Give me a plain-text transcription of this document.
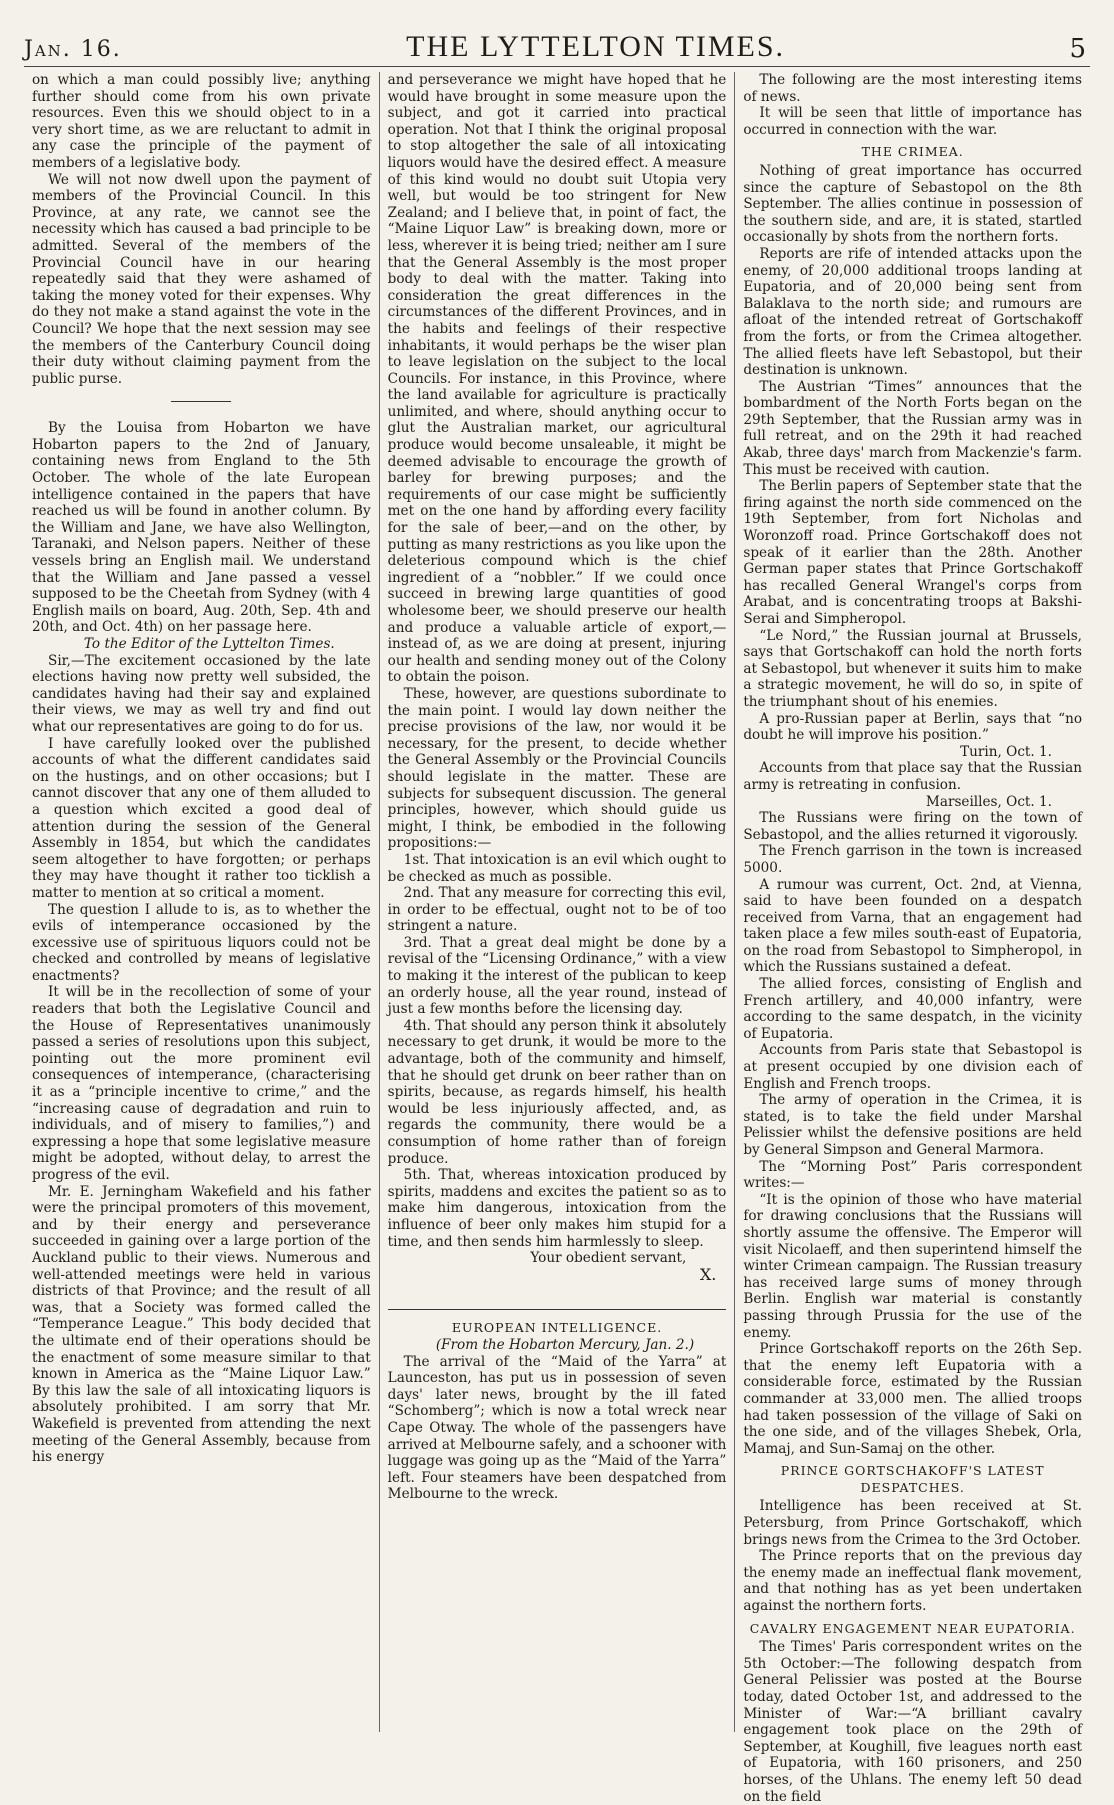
Jan. 16.	THE LYTTELTON TIMES.	5

on which a man could possibly live; anything further should come from his own private resources. Even this we should object to in a very short time, as we are reluctant to admit in any case the principle of the payment of members of a legislative body.

We will not now dwell upon the payment of members of the Provincial Council. In this Province, at any rate, we cannot see the necessity which has caused a bad principle to be admitted. Several of the members of the Provincial Council have in our hearing repeatedly said that they were ashamed of taking the money voted for their expenses. Why do they not make a stand against the vote in the Council? We hope that the next session may see the members of the Canterbury Council doing their duty without claiming payment from the public purse.

By the Louisa from Hobarton we have Hobarton papers to the 2nd of January, containing news from England to the 5th October. The whole of the late European intelligence contained in the papers that have reached us will be found in another column. By the William and Jane, we have also Wellington, Taranaki, and Nelson papers. Neither of these vessels bring an English mail. We understand that the William and Jane passed a vessel supposed to be the Cheetah from Sydney (with 4 English mails on board, Aug. 20th, Sep. 4th and 20th, and Oct. 4th) on her passage here.

To the Editor of the Lyttelton Times.

Sir,—The excitement occasioned by the late elections having now pretty well subsided, the candidates having had their say and explained their views, we may as well try and find out what our representatives are going to do for us.

I have carefully looked over the published accounts of what the different candidates said on the hustings, and on other occasions; but I cannot discover that any one of them alluded to a question which excited a good deal of attention during the session of the General Assembly in 1854, but which the candidates seem altogether to have forgotten; or perhaps they may have thought it rather too ticklish a matter to mention at so critical a moment.

The question I allude to is, as to whether the evils of intemperance occasioned by the excessive use of spirituous liquors could not be checked and controlled by means of legislative enactments?

It will be in the recollection of some of your readers that both the Legislative Council and the House of Representatives unanimously passed a series of resolutions upon this subject, pointing out the more prominent evil consequences of intemperance, (characterising it as a “principle incentive to crime,” and the “increasing cause of degradation and ruin to individuals, and of misery to families,”) and expressing a hope that some legislative measure might be adopted, without delay, to arrest the progress of the evil.

Mr. E. Jerningham Wakefield and his father were the principal promoters of this movement, and by their energy and perseverance succeeded in gaining over a large portion of the Auckland public to their views. Numerous and well-attended meetings were held in various districts of that Province; and the result of all was, that a Society was formed called the “Temperance League.” This body decided that the ultimate end of their operations should be the enactment of some measure similar to that known in America as the “Maine Liquor Law.” By this law the sale of all intoxicating liquors is absolutely prohibited. I am sorry that Mr. Wakefield is prevented from attending the next meeting of the General Assembly, because from his energy

and perseverance we might have hoped that he would have brought in some measure upon the subject, and got it carried into practical operation. Not that I think the original proposal to stop altogether the sale of all intoxicating liquors would have the desired effect. A measure of this kind would no doubt suit Utopia very well, but would be too stringent for New Zealand; and I believe that, in point of fact, the “Maine Liquor Law” is breaking down, more or less, wherever it is being tried; neither am I sure that the General Assembly is the most proper body to deal with the matter. Taking into consideration the great differences in the circumstances of the different Provinces, and in the habits and feelings of their respective inhabitants, it would perhaps be the wiser plan to leave legislation on the subject to the local Councils. For instance, in this Province, where the land available for agriculture is practically unlimited, and where, should anything occur to glut the Australian market, our agricultural produce would become unsaleable, it might be deemed advisable to encourage the growth of barley for brewing purposes; and the requirements of our case might be sufficiently met on the one hand by affording every facility for the sale of beer,—and on the other, by putting as many restrictions as you like upon the deleterious compound which is the chief ingredient of a “nobbler.” If we could once succeed in brewing large quantities of good wholesome beer, we should preserve our health and produce a valuable article of export,—instead of, as we are doing at present, injuring our health and sending money out of the Colony to obtain the poison.

These, however, are questions subordinate to the main point. I would lay down neither the precise provisions of the law, nor would it be necessary, for the present, to decide whether the General Assembly or the Provincial Councils should legislate in the matter. These are subjects for subsequent discussion. The general principles, however, which should guide us might, I think, be embodied in the following propositions:—

1st. That intoxication is an evil which ought to be checked as much as possible.

2nd. That any measure for correcting this evil, in order to be effectual, ought not to be of too stringent a nature.

3rd. That a great deal might be done by a revisal of the “Licensing Ordinance,” with a view to making it the interest of the publican to keep an orderly house, all the year round, instead of just a few months before the licensing day.

4th. That should any person think it absolutely necessary to get drunk, it would be more to the advantage, both of the community and himself, that he should get drunk on beer rather than on spirits, because, as regards himself, his health would be less injuriously affected, and, as regards the community, there would be a consumption of home rather than of foreign produce.

5th. That, whereas intoxication produced by spirits, maddens and excites the patient so as to make him dangerous, intoxication from the influence of beer only makes him stupid for a time, and then sends him harmlessly to sleep.

Your obedient servant,

X.

EUROPEAN INTELLIGENCE.

(From the Hobarton Mercury, Jan. 2.)

The arrival of the “Maid of the Yarra” at Launceston, has put us in possession of seven days' later news, brought by the ill fated “Schomberg”; which is now a total wreck near Cape Otway. The whole of the passengers have arrived at Melbourne safely, and a schooner with luggage was going up as the “Maid of the Yarra” left. Four steamers have been despatched from Melbourne to the wreck.

The following are the most interesting items of news.

It will be seen that little of importance has occurred in connection with the war.

THE CRIMEA.

Nothing of great importance has occurred since the capture of Sebastopol on the 8th September. The allies continue in possession of the southern side, and are, it is stated, startled occasionally by shots from the northern forts.

Reports are rife of intended attacks upon the enemy, of 20,000 additional troops landing at Eupatoria, and of 20,000 being sent from Balaklava to the north side; and rumours are afloat of the intended retreat of Gortschakoff from the forts, or from the Crimea altogether. The allied fleets have left Sebastopol, but their destination is unknown.

The Austrian “Times” announces that the bombardment of the North Forts began on the 29th September, that the Russian army was in full retreat, and on the 29th it had reached Akab, three days' march from Mackenzie's farm. This must be received with caution.

The Berlin papers of September state that the firing against the north side commenced on the 19th September, from fort Nicholas and Woronzoff road. Prince Gortschakoff does not speak of it earlier than the 28th. Another German paper states that Prince Gortschakoff has recalled General Wrangel's corps from Arabat, and is concentrating troops at Bakshi-Serai and Simpheropol.

“Le Nord,” the Russian journal at Brussels, says that Gortschakoff can hold the north forts at Sebastopol, but whenever it suits him to make a strategic movement, he will do so, in spite of the triumphant shout of his enemies.

A pro-Russian paper at Berlin, says that “no doubt he will improve his position.”

Turin, Oct. 1.

Accounts from that place say that the Russian army is retreating in confusion.

Marseilles, Oct. 1.

The Russians were firing on the town of Sebastopol, and the allies returned it vigorously.

The French garrison in the town is increased 5000.

A rumour was current, Oct. 2nd, at Vienna, said to have been founded on a despatch received from Varna, that an engagement had taken place a few miles south-east of Eupatoria, on the road from Sebastopol to Simpheropol, in which the Russians sustained a defeat.

The allied forces, consisting of English and French artillery, and 40,000 infantry, were according to the same despatch, in the vicinity of Eupatoria.

Accounts from Paris state that Sebastopol is at present occupied by one division each of English and French troops.

The army of operation in the Crimea, it is stated, is to take the field under Marshal Pelissier whilst the defensive positions are held by General Simpson and General Marmora.

The “Morning Post” Paris correspondent writes:—

“It is the opinion of those who have material for drawing conclusions that the Russians will shortly assume the offensive. The Emperor will visit Nicolaeff, and then superintend himself the winter Crimean campaign. The Russian treasury has received large sums of money through Berlin. English war material is constantly passing through Prussia for the use of the enemy.

Prince Gortschakoff reports on the 26th Sep. that the enemy left Eupatoria with a considerable force, estimated by the Russian commander at 33,000 men. The allied troops had taken possession of the village of Saki on the one side, and of the villages Shebek, Orla, Mamaj, and Sun-Samaj on the other.

PRINCE GORTSCHAKOFF'S LATEST DESPATCHES.

Intelligence has been received at St. Petersburg, from Prince Gortschakoff, which brings news from the Crimea to the 3rd October.

The Prince reports that on the previous day the enemy made an ineffectual flank movement, and that nothing has as yet been undertaken against the northern forts.

CAVALRY ENGAGEMENT NEAR EUPATORIA.

The Times' Paris correspondent writes on the 5th October:—The following despatch from General Pelissier was posted at the Bourse today, dated October 1st, and addressed to the Minister of War:—“A brilliant cavalry engagement took place on the 29th of September, at Koughill, five leagues north east of Eupatoria, with 160 prisoners, and 250 horses, of the Uhlans. The enemy left 50 dead on the field
